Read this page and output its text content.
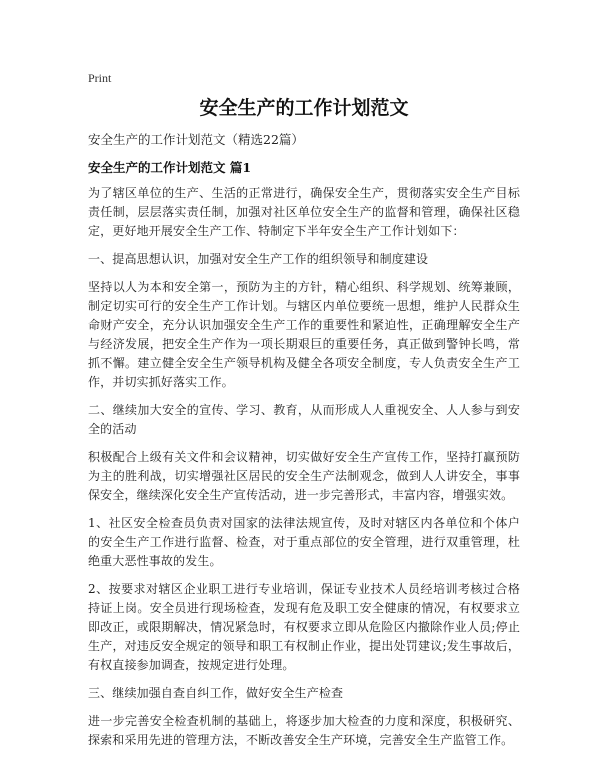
Print
安全生产的工作计划范文

安全生产的工作计划范文（精选22篇）

安全生产的工作计划范文 篇1

为了辖区单位的生产、生活的正常进行，确保安全生产，贯彻落实安全生产目标责任制，层层落实责任制，加强对社区单位安全生产的监督和管理，确保社区稳定，更好地开展安全生产工作、特制定下半年安全生产工作计划如下：

一、提高思想认识，加强对安全生产工作的组织领导和制度建设

坚持以人为本和安全第一，预防为主的方针，精心组织、科学规划、统筹兼顾，制定切实可行的安全生产工作计划。与辖区内单位要统一思想，维护人民群众生命财产安全，充分认识加强安全生产工作的重要性和紧迫性，正确理解安全生产与经济发展，把安全生产作为一项长期艰巨的重要任务，真正做到警钟长鸣，常抓不懈。建立健全安全生产领导机构及健全各项安全制度，专人负责安全生产工作，并切实抓好落实工作。

二、继续加大安全的宣传、学习、教育，从而形成人人重视安全、人人参与到安全的活动

积极配合上级有关文件和会议精神，切实做好安全生产宣传工作，坚持打赢预防为主的胜利战，切实增强社区居民的安全生产法制观念，做到人人讲安全，事事保安全，继续深化安全生产宣传活动，进一步完善形式，丰富内容，增强实效。

1、社区安全检查员负责对国家的法律法规宣传，及时对辖区内各单位和个体户的安全生产工作进行监督、检查，对于重点部位的安全管理，进行双重管理，杜绝重大恶性事故的发生。

2、按要求对辖区企业职工进行专业培训，保证专业技术人员经培训考核过合格持证上岗。安全员进行现场检查，发现有危及职工安全健康的情况，有权要求立即改正，或限期解决，情况紧急时，有权要求立即从危险区内撤除作业人员;停止生产，对违反安全规定的领导和职工有权制止作业，提出处罚建议;发生事故后，有权直接参加调查，按规定进行处理。

三、继续加强自查自纠工作，做好安全生产检查

进一步完善安全检查机制的基础上，将逐步加大检查的力度和深度，积极研究、探索和采用先进的管理方法，不断改善安全生产环境，完善安全生产监管工作。
